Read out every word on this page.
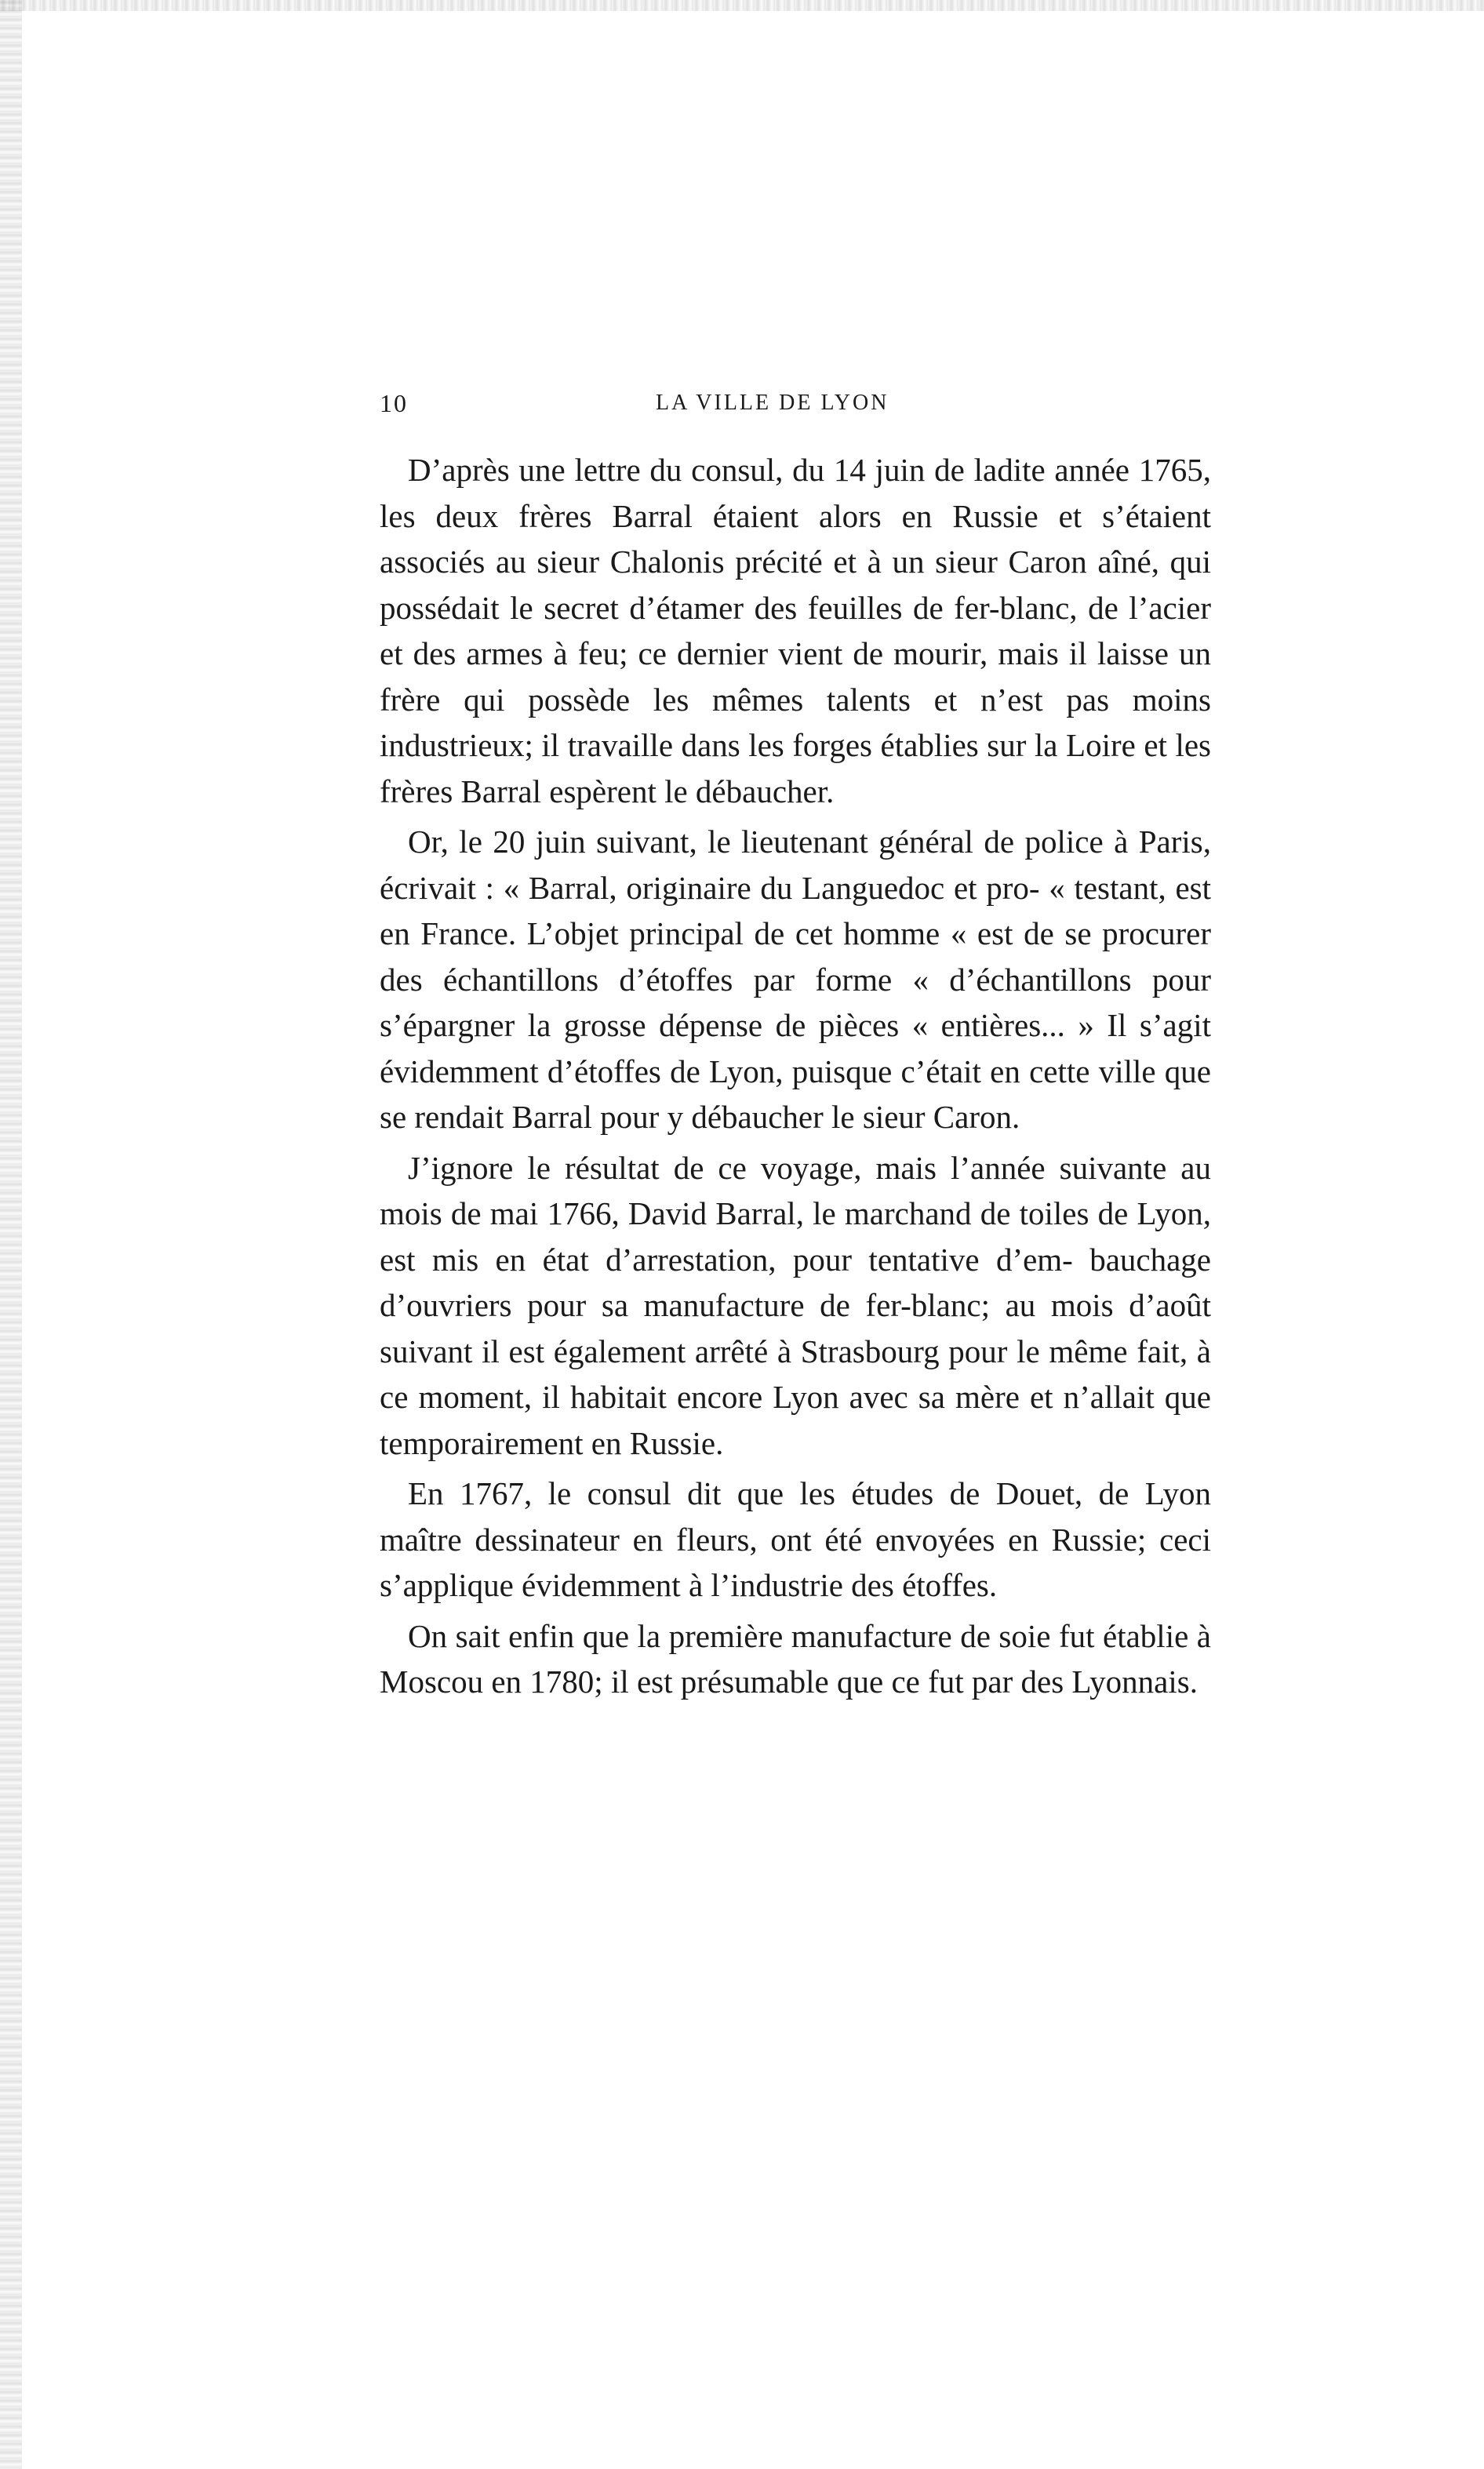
10	LA VILLE DE LYON

D’après une lettre du consul, du 14 juin de ladite année 1765, les deux frères Barral étaient alors en Russie et s’étaient associés au sieur Chalonis précité et à un sieur Caron aîné, qui possédait le secret d’étamer des feuilles de fer-blanc, de l’acier et des armes à feu; ce dernier vient de mourir, mais il laisse un frère qui possède les mêmes talents et n’est pas moins industrieux; il travaille dans les forges établies sur la Loire et les frères Barral espèrent le débaucher.

Or, le 20 juin suivant, le lieutenant général de police à Paris, écrivait : « Barral, originaire du Languedoc et pro- « testant, est en France. L’objet principal de cet homme « est de se procurer des échantillons d’étoffes par forme « d’échantillons pour s’épargner la grosse dépense de pièces « entières... » Il s’agit évidemment d’étoffes de Lyon, puisque c’était en cette ville que se rendait Barral pour y débaucher le sieur Caron.

J’ignore le résultat de ce voyage, mais l’année suivante au mois de mai 1766, David Barral, le marchand de toiles de Lyon, est mis en état d’arrestation, pour tentative d’em- bauchage d’ouvriers pour sa manufacture de fer-blanc; au mois d’août suivant il est également arrêté à Strasbourg pour le même fait, à ce moment, il habitait encore Lyon avec sa mère et n’allait que temporairement en Russie.

En 1767, le consul dit que les études de Douet, de Lyon maître dessinateur en fleurs, ont été envoyées en Russie; ceci s’applique évidemment à l’industrie des étoffes.

On sait enfin que la première manufacture de soie fut établie à Moscou en 1780; il est présumable que ce fut par des Lyonnais.
